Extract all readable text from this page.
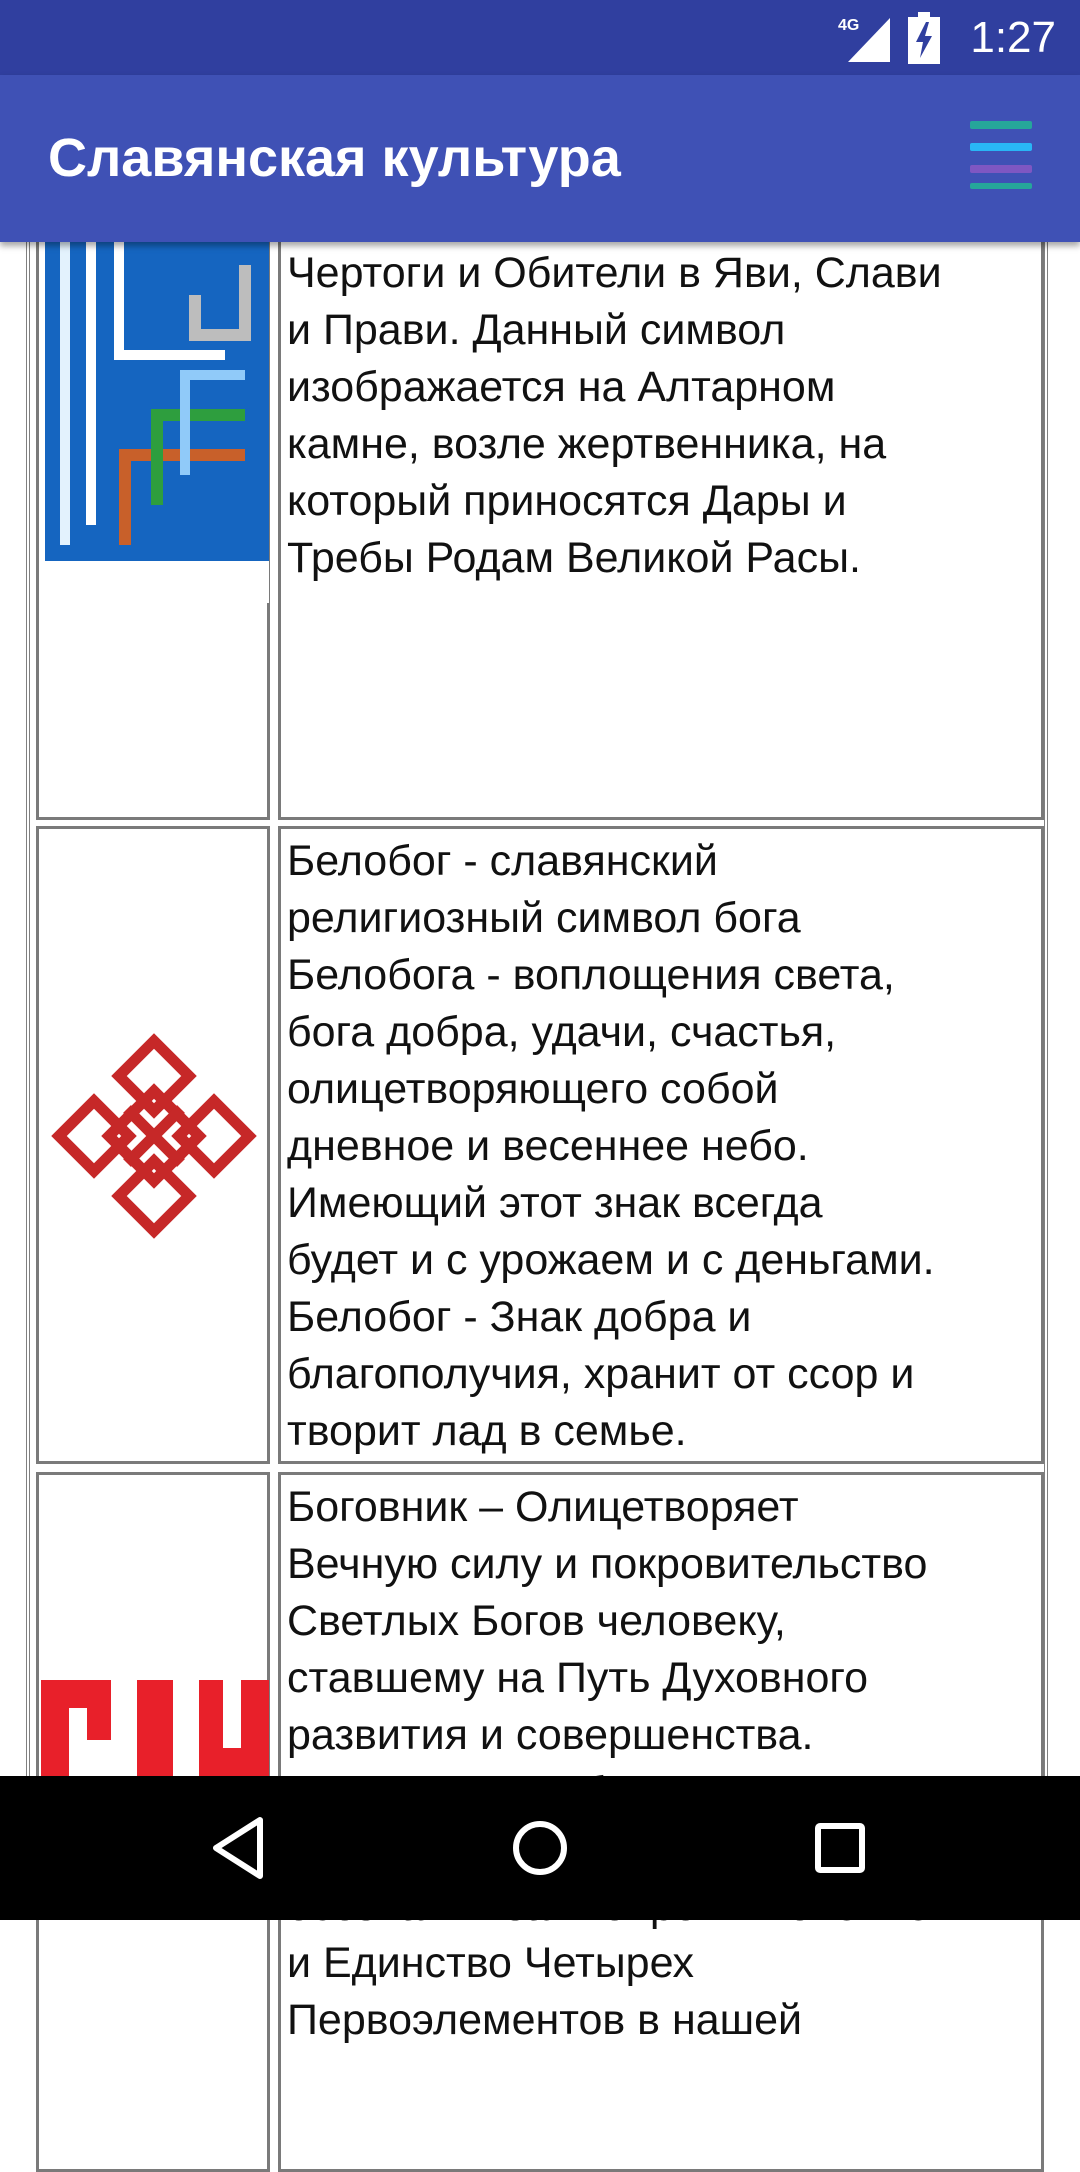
4G	1:27
Славянская культура
Чертоги и Обители в Яви, Слави
и Прави. Данный символ
изображается на Алтарном
камне, возле жертвенника, на
который приносятся Дары и
Требы Родам Великой Расы.
Белобог - славянский
религиозный символ бога
Белобога - воплощения света,
бога добра, удачи, счастья,
олицетворяющего собой
дневное и весеннее небо.
Имеющий этот знак всегда
будет и с урожаем и с деньгами.
Белобог - Знак добра и
благополучия, хранит от ссор и
творит лад в семье.
Боговник – Олицетворяет
Вечную силу и покровительство
Светлых Богов человеку,
ставшему на Путь Духовного
развития и совершенства.

и Единство Четырех
Первоэлементов в нашей
